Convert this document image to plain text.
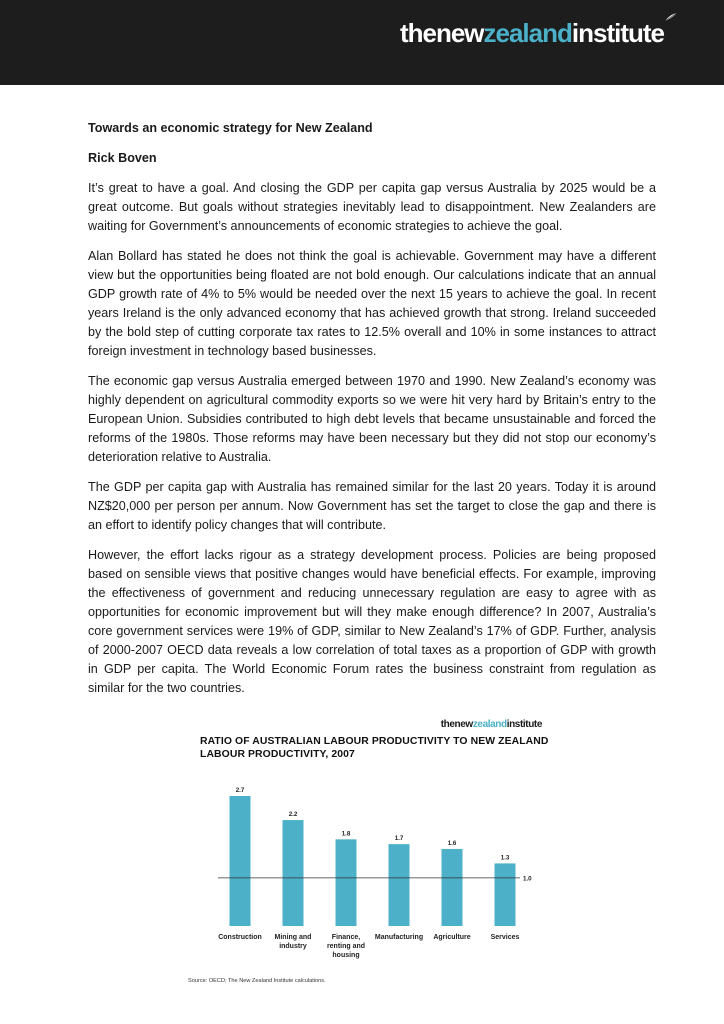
thenewzealandinstitute
Towards an economic strategy for New Zealand
Rick Boven

It’s great to have a goal. And closing the GDP per capita gap versus Australia by 2025 would be a great outcome. But goals without strategies inevitably lead to disappointment. New Zealanders are waiting for Government’s announcements of economic strategies to achieve the goal.

Alan Bollard has stated he does not think the goal is achievable. Government may have a different view but the opportunities being floated are not bold enough. Our calculations indicate that an annual GDP growth rate of 4% to 5% would be needed over the next 15 years to achieve the goal. In recent years Ireland is the only advanced economy that has achieved growth that strong. Ireland succeeded by the bold step of cutting corporate tax rates to 12.5% overall and 10% in some instances to attract foreign investment in technology based businesses.

The economic gap versus Australia emerged between 1970 and 1990. New Zealand’s economy was highly dependent on agricultural commodity exports so we were hit very hard by Britain’s entry to the European Union. Subsidies contributed to high debt levels that became unsustainable and forced the reforms of the 1980s. Those reforms may have been necessary but they did not stop our economy’s deterioration relative to Australia.

The GDP per capita gap with Australia has remained similar for the last 20 years. Today it is around NZ$20,000 per person per annum. Now Government has set the target to close the gap and there is an effort to identify policy changes that will contribute.

However, the effort lacks rigour as a strategy development process. Policies are being proposed based on sensible views that positive changes would have beneficial effects. For example, improving the effectiveness of government and reducing unnecessary regulation are easy to agree with as opportunities for economic improvement but will they make enough difference? In 2007, Australia’s core government services were 19% of GDP, similar to New Zealand’s 17% of GDP. Further, analysis of 2000-2007 OECD data reveals a low correlation of total taxes as a proportion of GDP with growth in GDP per capita. The World Economic Forum rates the business constraint from regulation as similar for the two countries.

2.7
Construction
2.2
Mining and industry
1.8
Finance, renting and housing
1.7
Manufacturing
1.6
Agriculture
1.3
Services
1.0
thenewzealandinstitute
RATIO OF AUSTRALIAN LABOUR PRODUCTIVITY TO NEW ZEALAND LABOUR PRODUCTIVITY, 2007
Source: OECD; The New Zealand Institute calculations.
